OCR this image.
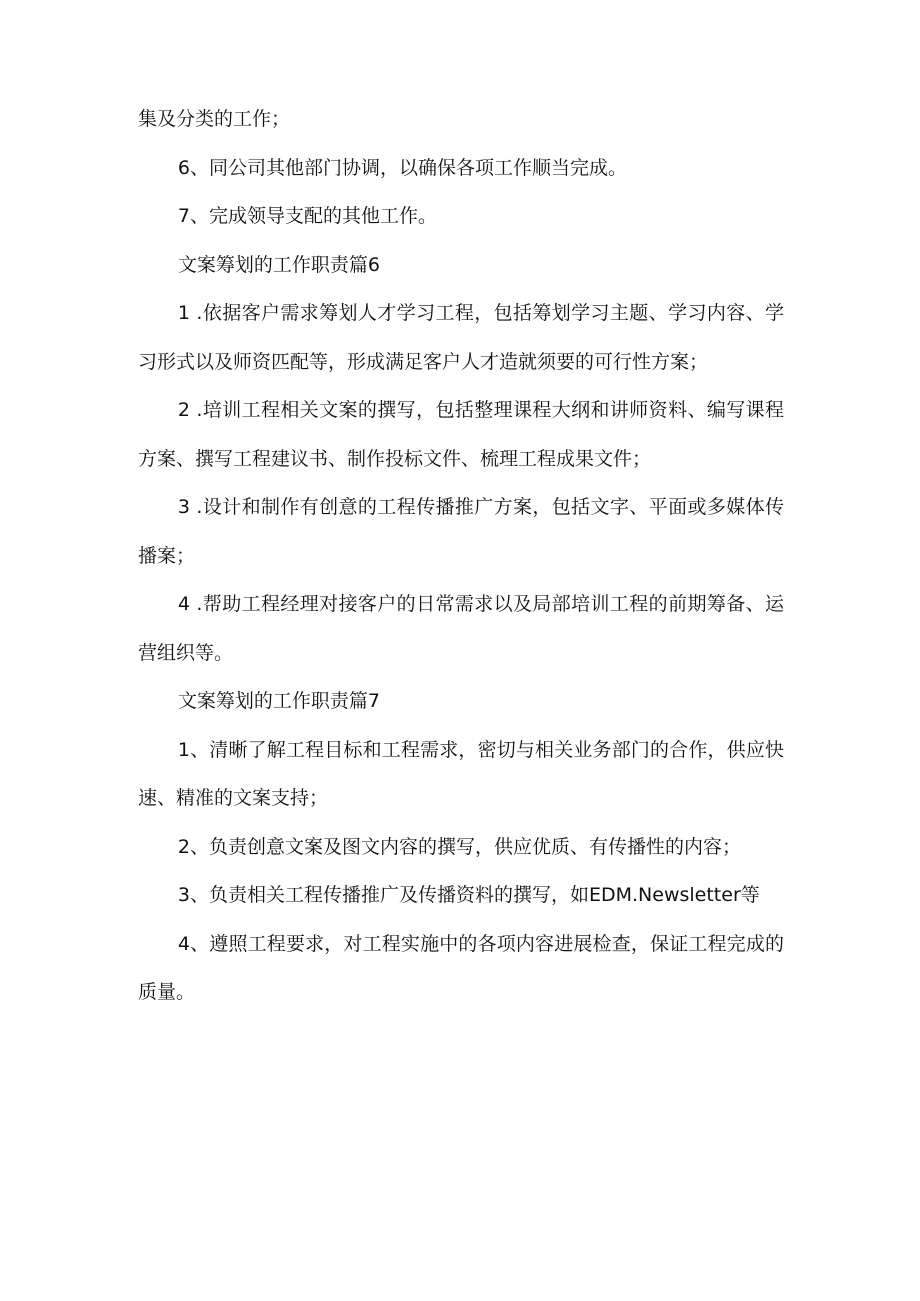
集及分类的工作；

6、同公司其他部门协调，以确保各项工作顺当完成。

7、完成领导支配的其他工作。

文案筹划的工作职责篇6

1 .依据客户需求筹划人才学习工程，包括筹划学习主题、学习内容、学习形式以及师资匹配等，形成满足客户人才造就须要的可行性方案；

2 .培训工程相关文案的撰写，包括整理课程大纲和讲师资料、编写课程方案、撰写工程建议书、制作投标文件、梳理工程成果文件；

3 .设计和制作有创意的工程传播推广方案，包括文字、平面或多媒体传播案；

4 .帮助工程经理对接客户的日常需求以及局部培训工程的前期筹备、运营组织等。

文案筹划的工作职责篇7

1、清晰了解工程目标和工程需求，密切与相关业务部门的合作，供应快速、精准的文案支持；

2、负责创意文案及图文内容的撰写，供应优质、有传播性的内容；

3、负责相关工程传播推广及传播资料的撰写，如EDM.Newsletter等

4、遵照工程要求，对工程实施中的各项内容进展检查，保证工程完成的质量。
